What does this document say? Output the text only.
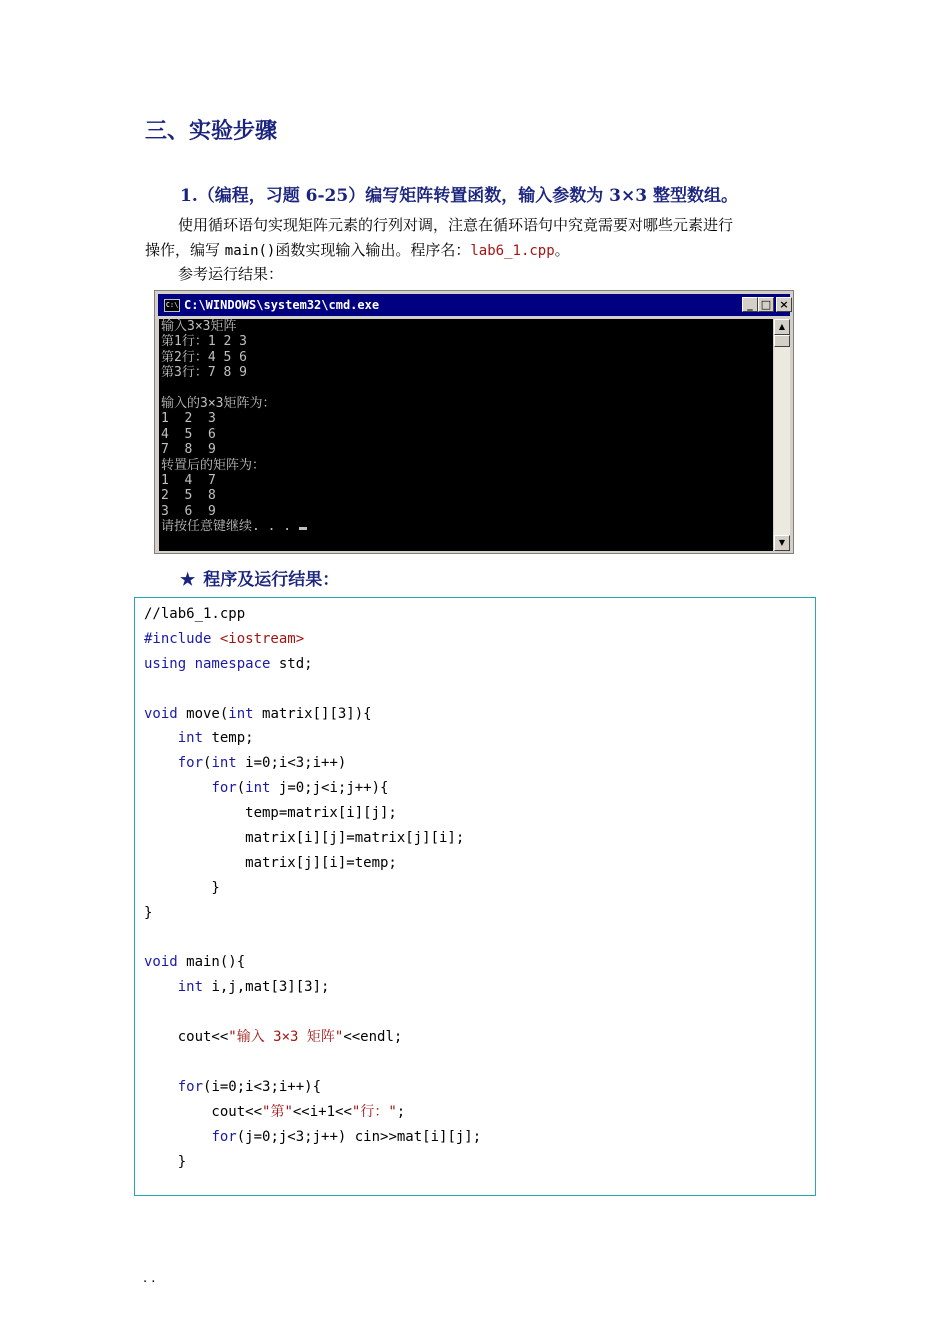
三、实验步骤
1.（编程，习题 6-25）编写矩阵转置函数，输入参数为 3×3 整型数组。
使用循环语句实现矩阵元素的行列对调，注意在循环语句中究竟需要对哪些元素进行
操作，编写 main()函数实现输入输出。程序名：lab6_1.cpp。
参考运行结果：
C:\ C:\WINDOWS\system32\cmd.exe	_ □ ×
输入3×3矩阵
第1行：1 2 3
第2行：4 5 6
第3行：7 8 9

输入的3×3矩阵为：
1  2  3
4  5  6
7  8  9
转置后的矩阵为：
1  4  7
2  5  8
3  6  9
请按任意键继续. . .
▲
▼
★ 程序及运行结果：
//lab6_1.cpp
#include <iostream>
using namespace std;

void move(int matrix[][3]){
int temp;
for(int i=0;i<3;i++)
for(int j=0;j<i;j++){
temp=matrix[i][j];
matrix[i][j]=matrix[j][i];
matrix[j][i]=temp;
}
}

void main(){
int i,j,mat[3][3];

cout<<"输入 3×3 矩阵"<<endl;

for(i=0;i<3;i++){
cout<<"第"<<i+1<<"行：";
for(j=0;j<3;j++) cin>>mat[i][j];
}
. .
